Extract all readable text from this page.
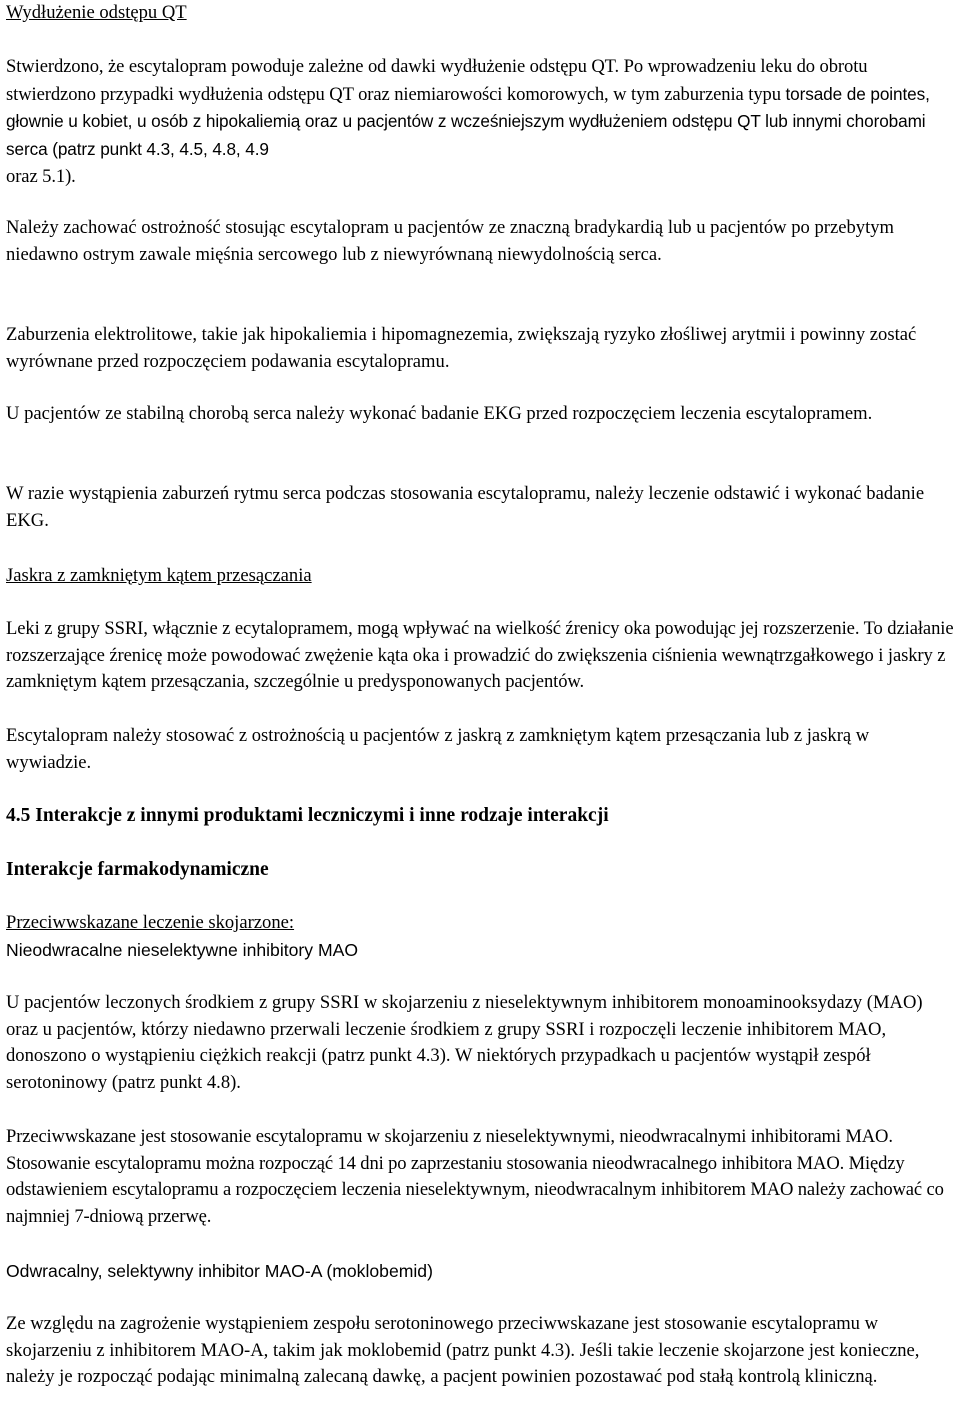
Wydłużenie odstępu QT

Stwierdzono, że escytalopram powoduje zależne od dawki wydłużenie odstępu QT. Po wprowadzeniu leku do obrotu stwierdzono przypadki wydłużenia odstępu QT oraz niemiarowości komorowych, w tym zaburzenia typu torsade de pointes, głownie u kobiet, u osób z hipokaliemią oraz u pacjentów z wcześniejszym wydłużeniem odstępu QT lub innymi chorobami serca (patrz punkt 4.3, 4.5, 4.8, 4.9
oraz 5.1).

Należy zachować ostrożność stosując escytalopram u pacjentów ze znaczną bradykardią lub u pacjentów po przebytym niedawno ostrym zawale mięśnia sercowego lub z niewyrównaną niewydolnością serca.

Zaburzenia elektrolitowe, takie jak hipokaliemia i hipomagnezemia, zwiększają ryzyko złośliwej arytmii i powinny zostać wyrównane przed rozpoczęciem podawania escytalopramu.

U pacjentów ze stabilną chorobą serca należy wykonać badanie EKG przed rozpoczęciem leczenia escytalopramem.

W razie wystąpienia zaburzeń rytmu serca podczas stosowania escytalopramu, należy leczenie odstawić i wykonać badanie EKG.

Jaskra z zamkniętym kątem przesączania

Leki z grupy SSRI, włącznie z ecytalopramem, mogą wpływać na wielkość źrenicy oka powodując jej rozszerzenie. To działanie rozszerzające źrenicę może powodować zwężenie kąta oka i prowadzić do zwiększenia ciśnienia wewnątrzgałkowego i jaskry z zamkniętym kątem przesączania, szczególnie u predysponowanych pacjentów.

Escytalopram należy stosować z ostrożnością u pacjentów z jaskrą z zamkniętym kątem przesączania lub z jaskrą w wywiadzie.

4.5 Interakcje z innymi produktami leczniczymi i inne rodzaje interakcji

Interakcje farmakodynamiczne

Przeciwwskazane leczenie skojarzone:

Nieodwracalne nieselektywne inhibitory MAO

U pacjentów leczonych środkiem z grupy SSRI w skojarzeniu z nieselektywnym inhibitorem monoaminooksydazy (MAO) oraz u pacjentów, którzy niedawno przerwali leczenie środkiem z grupy SSRI i rozpoczęli leczenie inhibitorem MAO, donoszono o wystąpieniu ciężkich reakcji (patrz punkt 4.3). W niektórych przypadkach u pacjentów wystąpił zespół serotoninowy (patrz punkt 4.8).

Przeciwwskazane jest stosowanie escytalopramu w skojarzeniu z nieselektywnymi, nieodwracalnymi inhibitorami MAO. Stosowanie escytalopramu można rozpocząć 14 dni po zaprzestaniu stosowania nieodwracalnego inhibitora MAO. Między odstawieniem escytalopramu a rozpoczęciem leczenia nieselektywnym, nieodwracalnym inhibitorem MAO należy zachować co najmniej 7-dniową przerwę.

Odwracalny, selektywny inhibitor MAO-A (moklobemid)

Ze względu na zagrożenie wystąpieniem zespołu serotoninowego przeciwwskazane jest stosowanie escytalopramu w skojarzeniu z inhibitorem MAO-A, takim jak moklobemid (patrz punkt 4.3). Jeśli takie leczenie skojarzone jest konieczne, należy je rozpocząć podając minimalną zalecaną dawkę, a pacjent powinien pozostawać pod stałą kontrolą kliniczną.
